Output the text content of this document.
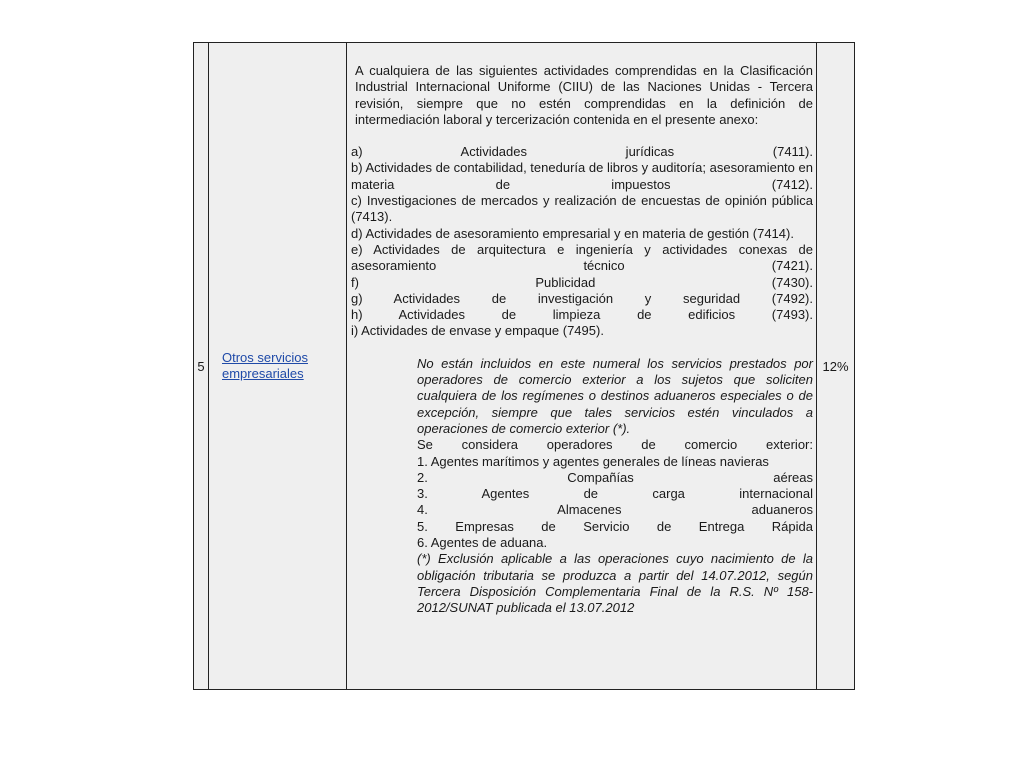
5	Otros servicios empresariales	

A cualquiera de las siguientes actividades comprendidas en la Clasificación Industrial Internacional Uniforme (CIIU) de las Naciones Unidas - Tercera revisión, siempre que no estén comprendidas en la definición de intermediación laboral y tercerización contenida en el presente anexo:

a) Actividades jurídicas (7411).

b) Actividades de contabilidad, teneduría de libros y auditoría; asesoramiento en materia de impuestos (7412).

c) Investigaciones de mercados y realización de encuestas de opinión pública (7413).

d) Actividades de asesoramiento empresarial y en materia de gestión (7414).

e) Actividades de arquitectura e ingeniería y actividades conexas de asesoramiento técnico (7421).

f) Publicidad (7430).

g) Actividades de investigación y seguridad (7492).

h) Actividades de limpieza de edificios (7493).

i) Actividades de envase y empaque (7495).

No están incluidos en este numeral los servicios prestados por operadores de comercio exterior a los sujetos que soliciten cualquiera de los regímenes o destinos aduaneros especiales o de excepción, siempre que tales servicios estén vinculados a operaciones de comercio exterior (*).

Se considera operadores de comercio exterior:

1. Agentes marítimos y agentes generales de líneas navieras

2. Compañías aéreas

3. Agentes de carga internacional

4. Almacenes aduaneros

5. Empresas de Servicio de Entrega Rápida

6. Agentes de aduana.

(*) Exclusión aplicable a las operaciones cuyo nacimiento de la obligación tributaria se produzca a partir del 14.07.2012, según Tercera Disposición Complementaria Final de la R.S. Nº 158-2012/SUNAT publicada el 13.07.2012

	12%
